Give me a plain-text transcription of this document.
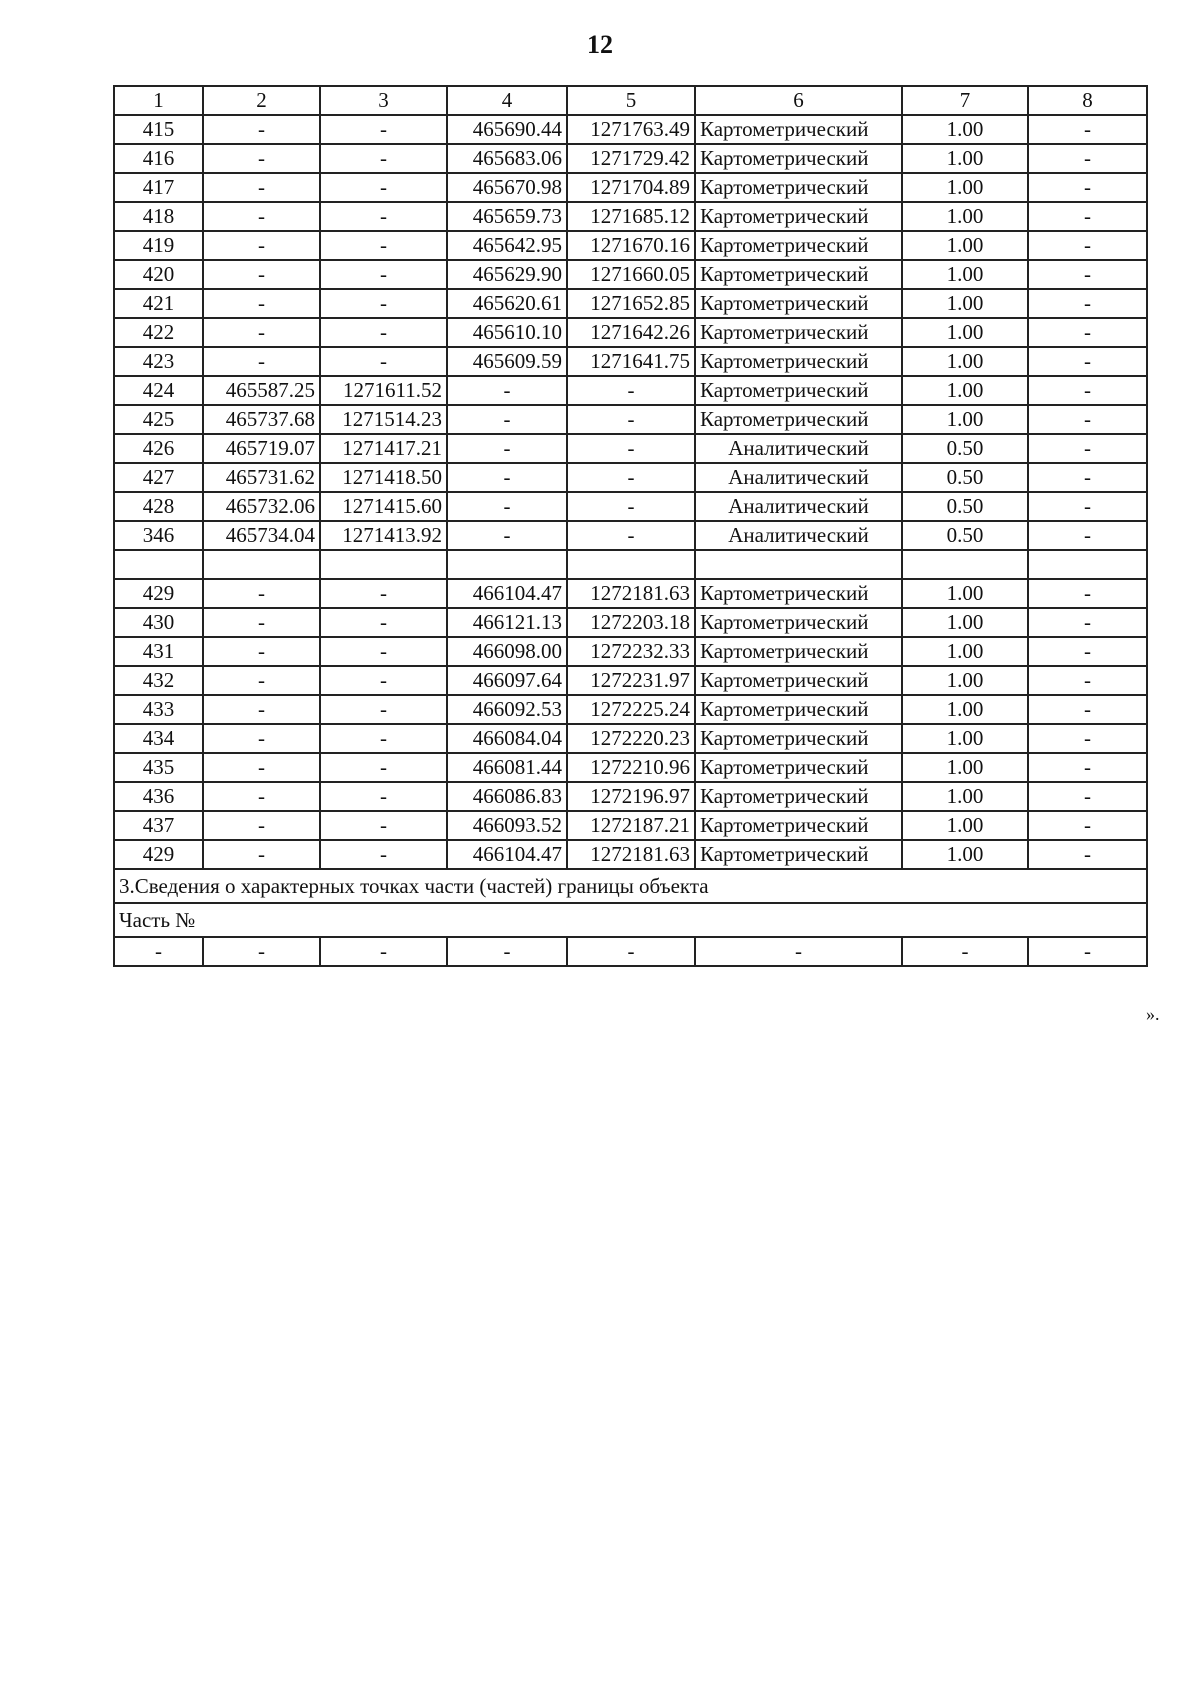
12
1	2	3	4	5	6	7	8
415	-	-	465690.44	1271763.49	Картометрический	1.00	-
416	-	-	465683.06	1271729.42	Картометрический	1.00	-
417	-	-	465670.98	1271704.89	Картометрический	1.00	-
418	-	-	465659.73	1271685.12	Картометрический	1.00	-
419	-	-	465642.95	1271670.16	Картометрический	1.00	-
420	-	-	465629.90	1271660.05	Картометрический	1.00	-
421	-	-	465620.61	1271652.85	Картометрический	1.00	-
422	-	-	465610.10	1271642.26	Картометрический	1.00	-
423	-	-	465609.59	1271641.75	Картометрический	1.00	-
424	465587.25	1271611.52	-	-	Картометрический	1.00	-
425	465737.68	1271514.23	-	-	Картометрический	1.00	-
426	465719.07	1271417.21	-	-	Аналитический	0.50	-
427	465731.62	1271418.50	-	-	Аналитический	0.50	-
428	465732.06	1271415.60	-	-	Аналитический	0.50	-
346	465734.04	1271413.92	-	-	Аналитический	0.50	-

429	-	-	466104.47	1272181.63	Картометрический	1.00	-
430	-	-	466121.13	1272203.18	Картометрический	1.00	-
431	-	-	466098.00	1272232.33	Картометрический	1.00	-
432	-	-	466097.64	1272231.97	Картометрический	1.00	-
433	-	-	466092.53	1272225.24	Картометрический	1.00	-
434	-	-	466084.04	1272220.23	Картометрический	1.00	-
435	-	-	466081.44	1272210.96	Картометрический	1.00	-
436	-	-	466086.83	1272196.97	Картометрический	1.00	-
437	-	-	466093.52	1272187.21	Картометрический	1.00	-
429	-	-	466104.47	1272181.63	Картометрический	1.00	-
3.Сведения о характерных точках части (частей) границы объекта							
Часть №							
-	-	-	-	-	-	-	-
».
